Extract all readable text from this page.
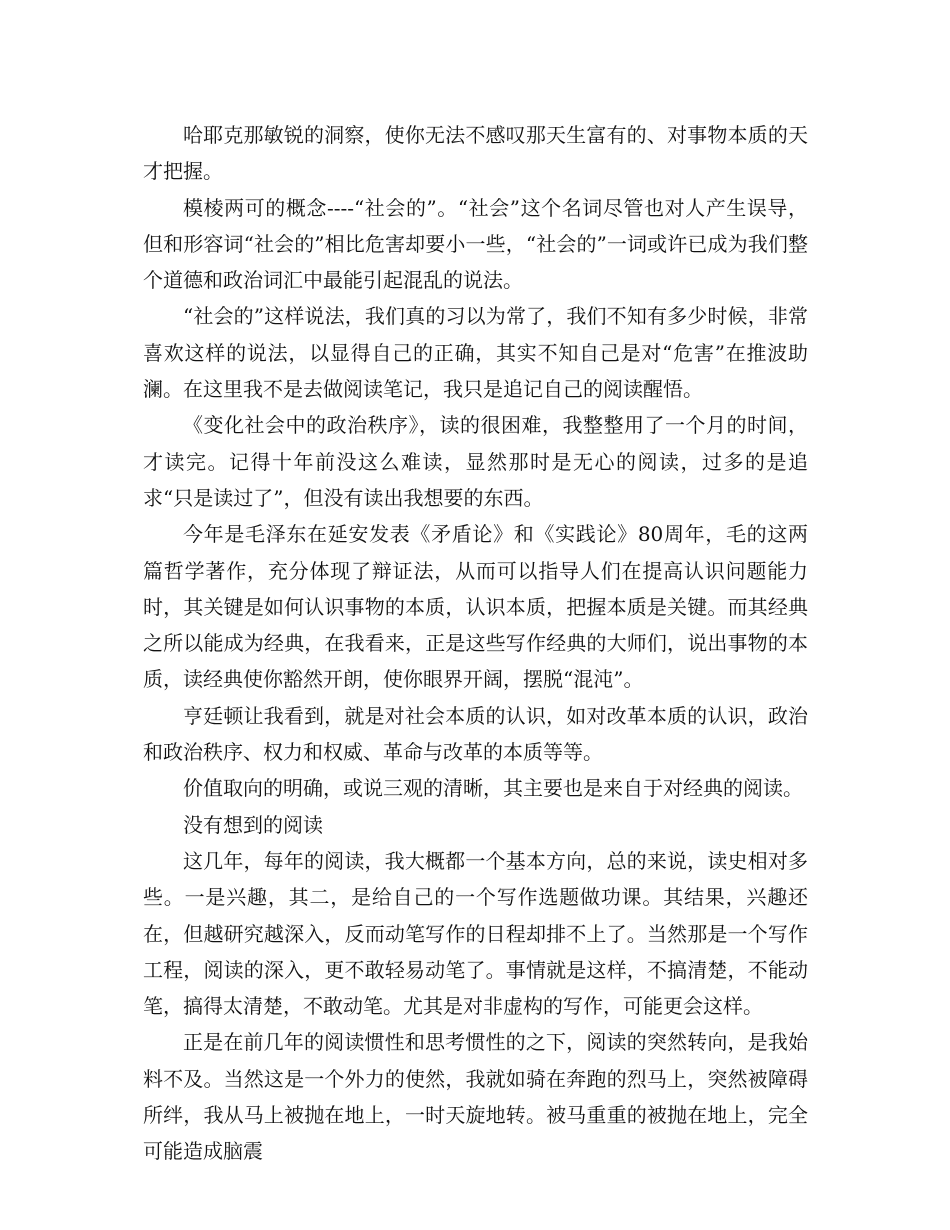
哈耶克那敏锐的洞察，使你无法不感叹那天生富有的、对事物本质的天才把握。

模棱两可的概念----“社会的”。“社会”这个名词尽管也对人产生误导，但和形容词“社会的”相比危害却要小一些，“社会的”一词或许已成为我们整个道德和政治词汇中最能引起混乱的说法。

“社会的”这样说法，我们真的习以为常了，我们不知有多少时候，非常喜欢这样的说法，以显得自己的正确，其实不知自己是对“危害”在推波助澜。在这里我不是去做阅读笔记，我只是追记自己的阅读醒悟。

《变化社会中的政治秩序》，读的很困难，我整整用了一个月的时间，才读完。记得十年前没这么难读，显然那时是无心的阅读，过多的是追求“只是读过了”，但没有读出我想要的东西。

今年是毛泽东在延安发表《矛盾论》和《实践论》80周年，毛的这两篇哲学著作，充分体现了辩证法，从而可以指导人们在提高认识问题能力时，其关键是如何认识事物的本质，认识本质，把握本质是关键。而其经典之所以能成为经典，在我看来，正是这些写作经典的大师们，说出事物的本质，读经典使你豁然开朗，使你眼界开阔，摆脱“混沌”。

亨廷顿让我看到，就是对社会本质的认识，如对改革本质的认识，政治和政治秩序、权力和权威、革命与改革的本质等等。

价值取向的明确，或说三观的清晰，其主要也是来自于对经典的阅读。

没有想到的阅读

这几年，每年的阅读，我大概都一个基本方向，总的来说，读史相对多些。一是兴趣，其二，是给自己的一个写作选题做功课。其结果，兴趣还在，但越研究越深入，反而动笔写作的日程却排不上了。当然那是一个写作工程，阅读的深入，更不敢轻易动笔了。事情就是这样，不搞清楚，不能动笔，搞得太清楚，不敢动笔。尤其是对非虚构的写作，可能更会这样。

正是在前几年的阅读惯性和思考惯性的之下，阅读的突然转向，是我始料不及。当然这是一个外力的使然，我就如骑在奔跑的烈马上，突然被障碍所绊，我从马上被抛在地上，一时天旋地转。被马重重的被抛在地上，完全可能造成脑震
